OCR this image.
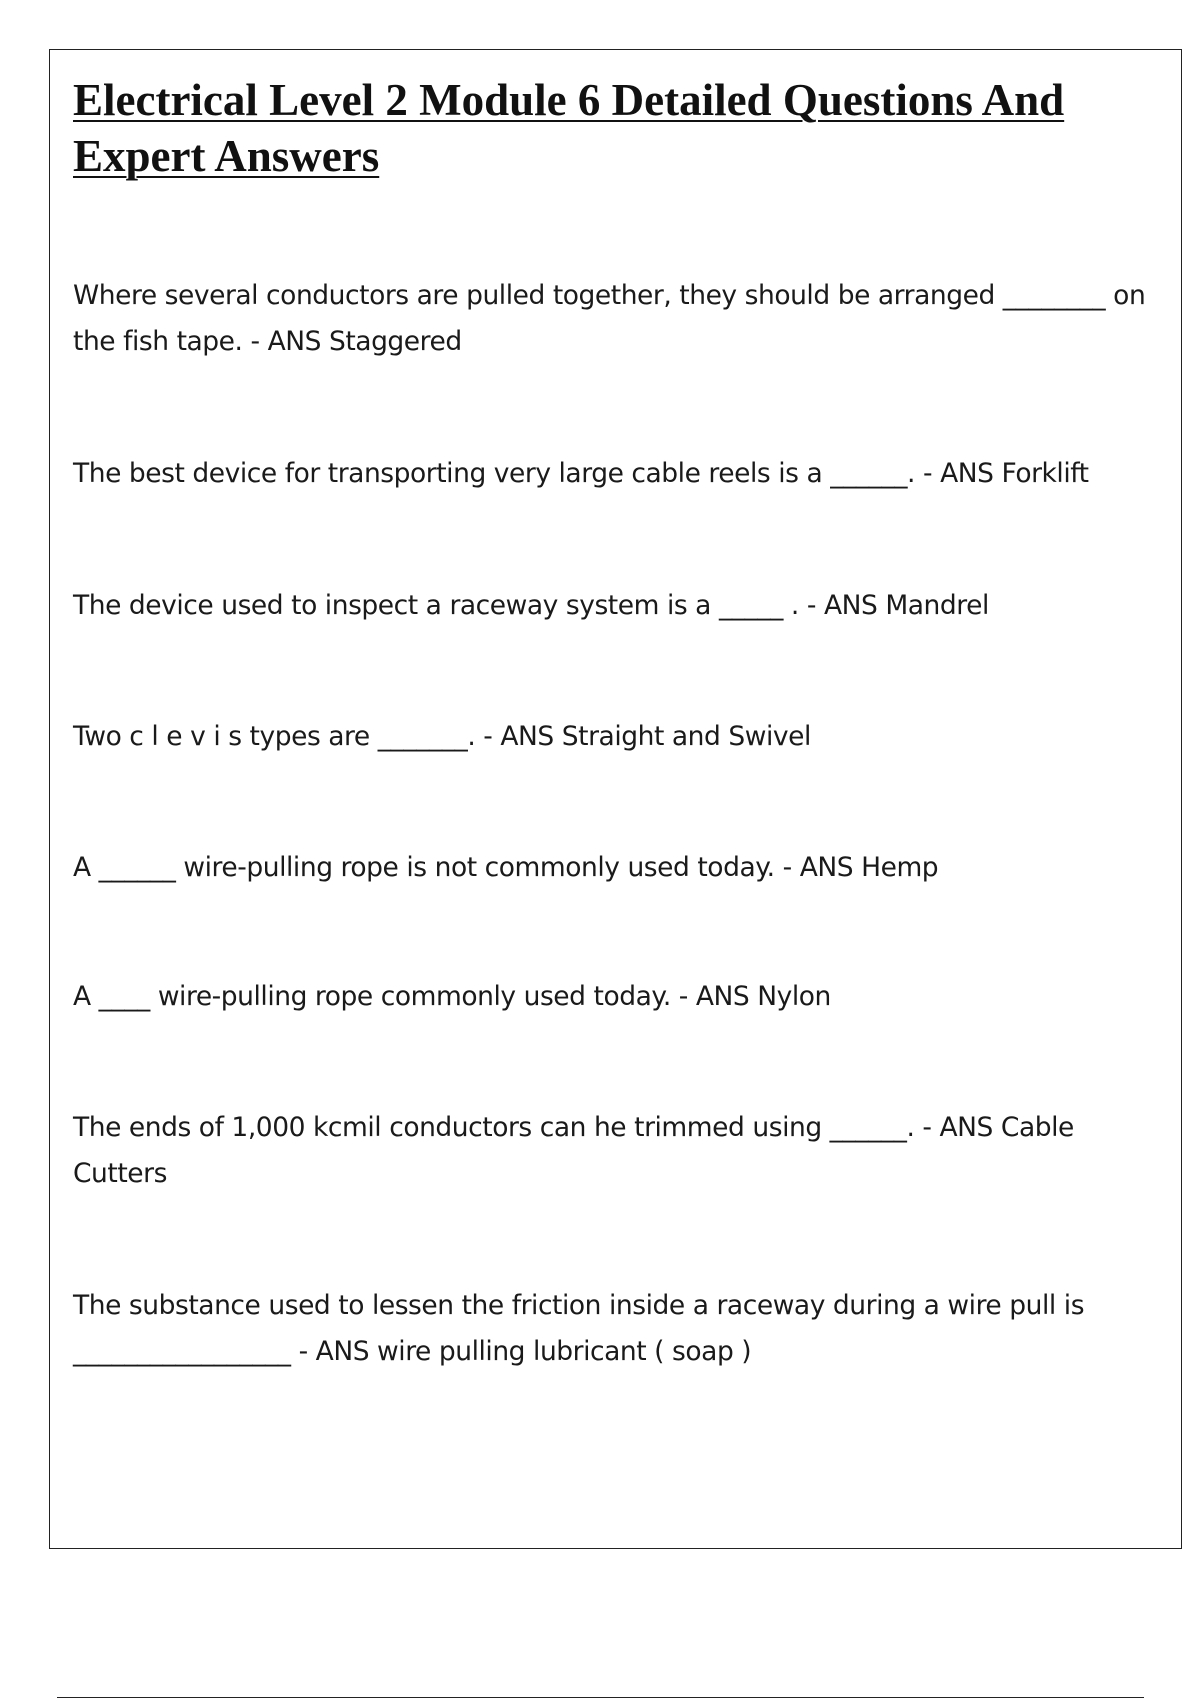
Electrical Level 2 Module 6 Detailed Questions And Expert Answers

Where several conductors are pulled together, they should be arranged ________ on the fish tape. - ANS Staggered

The best device for transporting very large cable reels is a ______. - ANS Forklift

The device used to inspect a raceway system is a _____ . - ANS Mandrel

Two c l e v i s types are _______. - ANS Straight and Swivel

A ______ wire-pulling rope is not commonly used today. - ANS Hemp

A ____ wire-pulling rope commonly used today. - ANS Nylon

The ends of 1,000 kcmil conductors can he trimmed using ______. - ANS Cable Cutters

The substance used to lessen the friction inside a raceway during a wire pull is _________________ - ANS wire pulling lubricant ( soap )
